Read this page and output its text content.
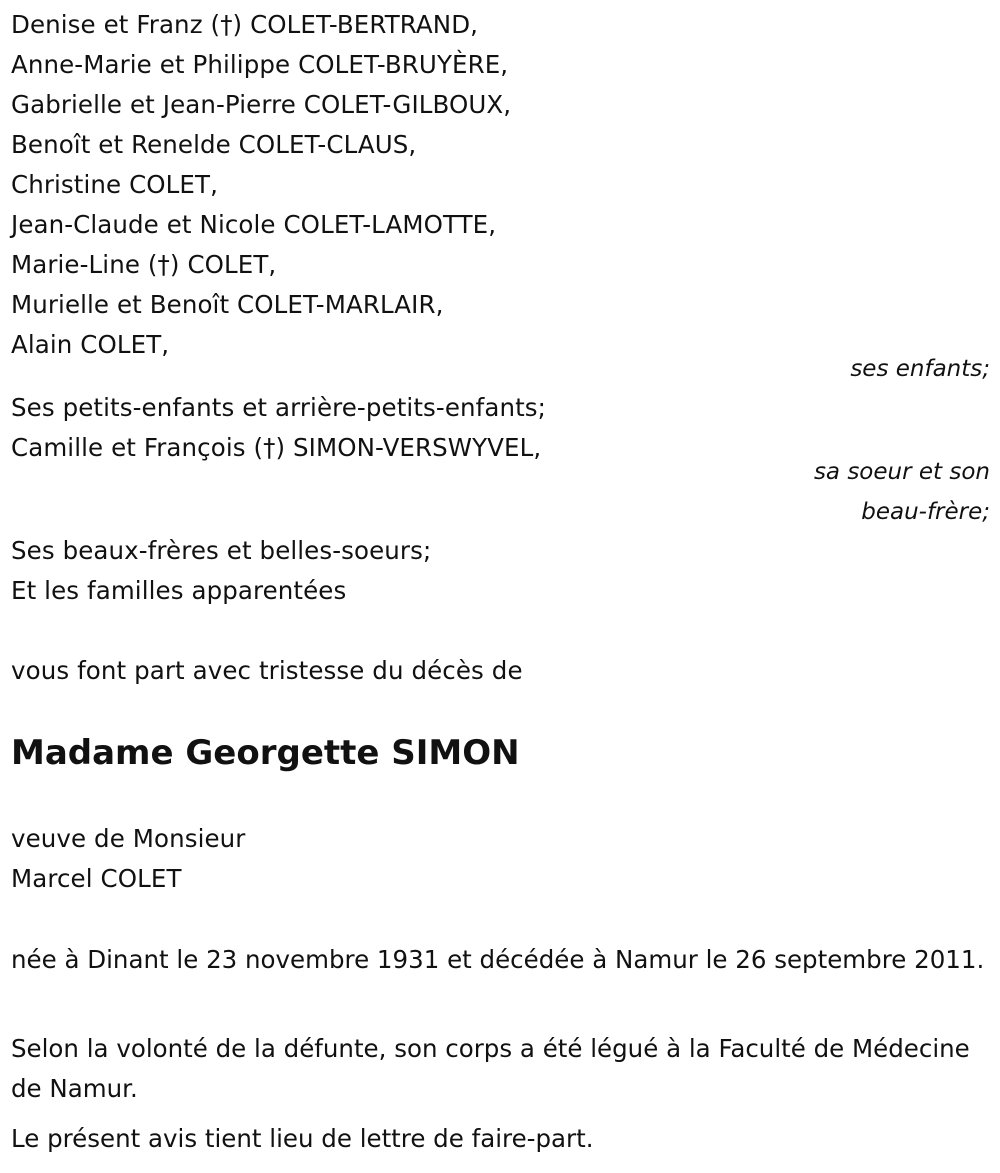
Denise et Franz (†) COLET-BERTRAND,
Anne-Marie et Philippe COLET-BRUYÈRE,
Gabrielle et Jean-Pierre COLET-GILBOUX,
Benoît et Renelde COLET-CLAUS,
Christine COLET,
Jean-Claude et Nicole COLET-LAMOTTE,
Marie-Line (†) COLET,
Murielle et Benoît COLET-MARLAIR,
Alain COLET,
ses enfants;
Ses petits-enfants et arrière-petits-enfants;
Camille et François (†) SIMON-VERSWYVEL,
sa soeur et son
beau-frère;
Ses beaux-frères et belles-soeurs;
Et les familles apparentées
vous font part avec tristesse du décès de
Madame Georgette SIMON
veuve de Monsieur
Marcel COLET
née à Dinant le 23 novembre 1931 et décédée à Namur le 26 septembre 2011.
Selon la volonté de la défunte, son corps a été légué à la Faculté de Médecine de Namur.
Le présent avis tient lieu de lettre de faire-part.
